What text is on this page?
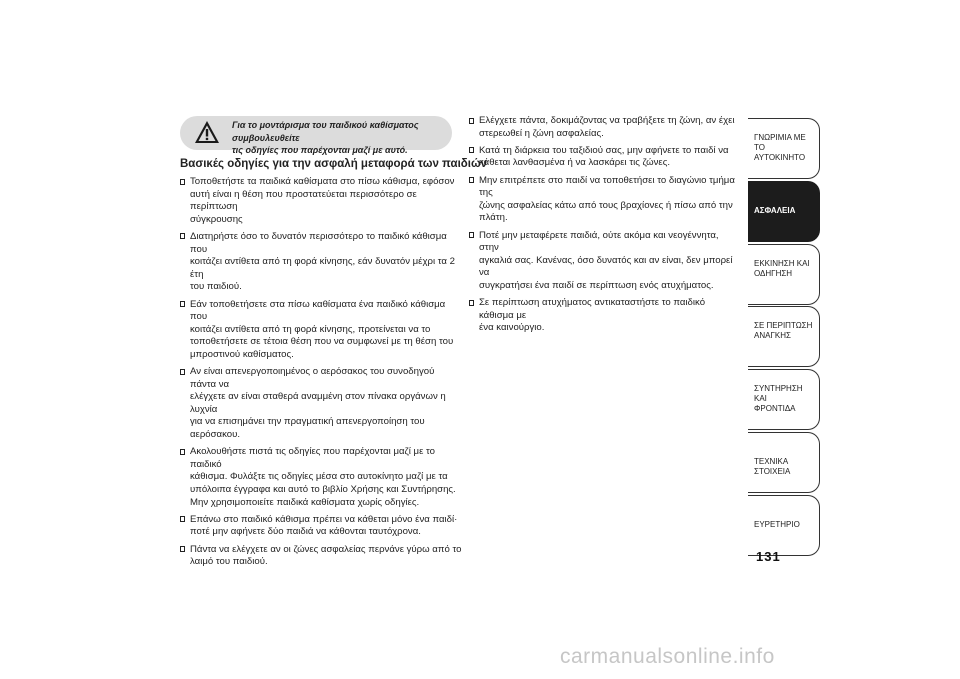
Για το μοντάρισμα του παιδικού καθίσματος συμβουλευθείτε
τις οδηγίες που παρέχονται μαζί με αυτό.
Βασικές οδηγίες για την ασφαλή μεταφορά των παιδιών
Τοποθετήστε τα παιδικά καθίσματα στο πίσω κάθισμα, εφόσον
αυτή είναι η θέση που προστατεύεται περισσότερο σε περίπτωση
σύγκρουσης
Διατηρήστε όσο το δυνατόν περισσότερο το παιδικό κάθισμα που
κοιτάζει αντίθετα από τη φορά κίνησης, εάν δυνατόν μέχρι τα 2 έτη
του παιδιού.
Εάν τοποθετήσετε στα πίσω καθίσματα ένα παιδικό κάθισμα που
κοιτάζει αντίθετα από τη φορά κίνησης, προτείνεται να το
τοποθετήσετε σε τέτοια θέση που να συμφωνεί με τη θέση του
μπροστινού καθίσματος.
Αν είναι απενεργοποιημένος ο αερόσακος του συνοδηγού πάντα να
ελέγχετε αν είναι σταθερά αναμμένη στον πίνακα οργάνων η λυχνία
για να επισημάνει την πραγματική απενεργοποίηση του
αερόσακου.
Ακολουθήστε πιστά τις οδηγίες που παρέχονται μαζί με το παιδικό
κάθισμα. Φυλάξτε τις οδηγίες μέσα στο αυτοκίνητο μαζί με τα
υπόλοιπα έγγραφα και αυτό το βιβλίο Χρήσης και Συντήρησης.
Μην χρησιμοποιείτε παιδικά καθίσματα χωρίς οδηγίες.
Επάνω στο παιδικό κάθισμα πρέπει να κάθεται μόνο ένα παιδί·
ποτέ μην αφήνετε δύο παιδιά να κάθονται ταυτόχρονα.
Πάντα να ελέγχετε αν οι ζώνες ασφαλείας περνάνε γύρω από το
λαιμό του παιδιού.
Ελέγχετε πάντα, δοκιμάζοντας να τραβήξετε τη ζώνη, αν έχει
στερεωθεί η ζώνη ασφαλείας.
Κατά τη διάρκεια του ταξιδιού σας, μην αφήνετε το παιδί να
κάθεται λανθασμένα ή να λασκάρει τις ζώνες.
Μην επιτρέπετε στο παιδί να τοποθετήσει το διαγώνιο τμήμα της
ζώνης ασφαλείας κάτω από τους βραχίονες ή πίσω από την πλάτη.
Ποτέ μην μεταφέρετε παιδιά, ούτε ακόμα και νεογέννητα, στην
αγκαλιά σας. Κανένας, όσο δυνατός και αν είναι, δεν μπορεί να
συγκρατήσει ένα παιδί σε περίπτωση ενός ατυχήματος.
Σε περίπτωση ατυχήματος αντικαταστήστε το παιδικό κάθισμα με
ένα καινούργιο.
ΓΝΩΡΙΜΙΑ ΜΕ ΤΟ
ΑΥΤΟΚΙΝΗΤΟ
ΑΣΦΑΛΕΙΑ
ΕΚΚΙΝΗΣΗ ΚΑΙ
ΟΔΗΓΗΣΗ
ΣΕ ΠΕΡΙΠΤΩΣΗ
ΑΝΑΓΚΗΣ
ΣΥΝΤΗΡΗΣΗ ΚΑΙ
ΦΡΟΝΤΙΔΑ
ΤΕΧΝΙΚΑ ΣΤΟΙΧΕΙΑ
ΕΥΡΕΤΗΡΙΟ
131
carmanualsonline.info
